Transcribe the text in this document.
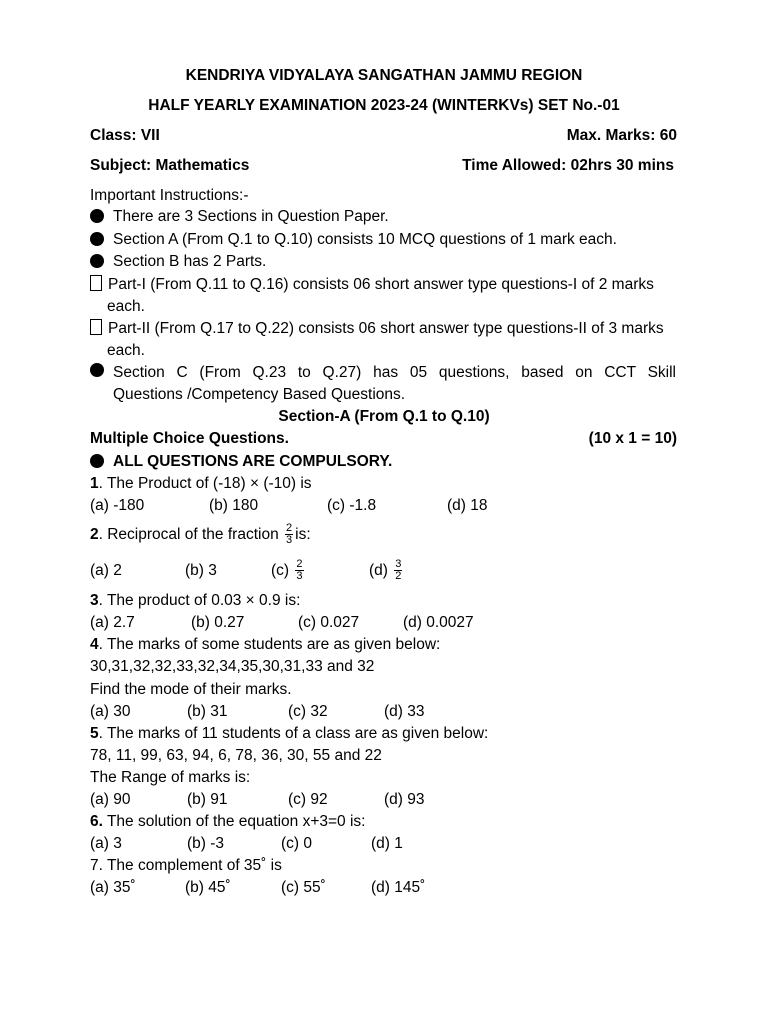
KENDRIYA VIDYALAYA SANGATHAN JAMMU REGION
HALF YEARLY EXAMINATION 2023-24 (WINTERKVs) SET No.-01
Class: VII	Max. Marks: 60
Subject: Mathematics	Time Allowed: 02hrs 30 mins
Important Instructions:-
There are 3 Sections in Question Paper.
Section A (From Q.1 to Q.10) consists 10 MCQ questions of 1 mark each.
Section B has 2 Parts.
Part-I (From Q.11 to Q.16) consists 06 short answer type questions-I of 2 marks
each.
Part-II (From Q.17 to Q.22) consists 06 short answer type questions-II of 3 marks
each.
Section C (From Q.23 to Q.27) has 05 questions, based on CCT Skill
Questions /Competency Based Questions.
Section-A (From Q.1 to Q.10)
Multiple Choice Questions.	(10 x 1 = 10)
ALL QUESTIONS ARE COMPULSORY.
1. The Product of (-18) × (-10) is
(a) -180	(b) 180	(c) -1.8	(d) 18
2. Reciprocal of the fraction $\frac{2}{3}$ is:
(a) 2	(b) 3	$(c) \frac{2}{3}$	$(d) \frac{3}{2}$
3. The product of 0.03 × 0.9 is:
(a) 2.7	(b) 0.27	(c) 0.027	(d) 0.0027
4. The marks of some students are as given below:
30,31,32,32,33,32,34,35,30,31,33 and 32
Find the mode of their marks.
(a) 30	(b) 31	(c) 32	(d) 33
5. The marks of 11 students of a class are as given below:
78, 11, 99, 63, 94, 6, 78, 36, 30, 55 and 22
The Range of marks is:
(a) 90	(b) 91	(c) 92	(d) 93
6. The solution of the equation x+3=0 is:
(a) 3	(b) -3	(c) 0	(d) 1
7. The complement of 35˚ is
(a) 35˚	(b) 45˚	(c) 55˚	(d) 145˚
